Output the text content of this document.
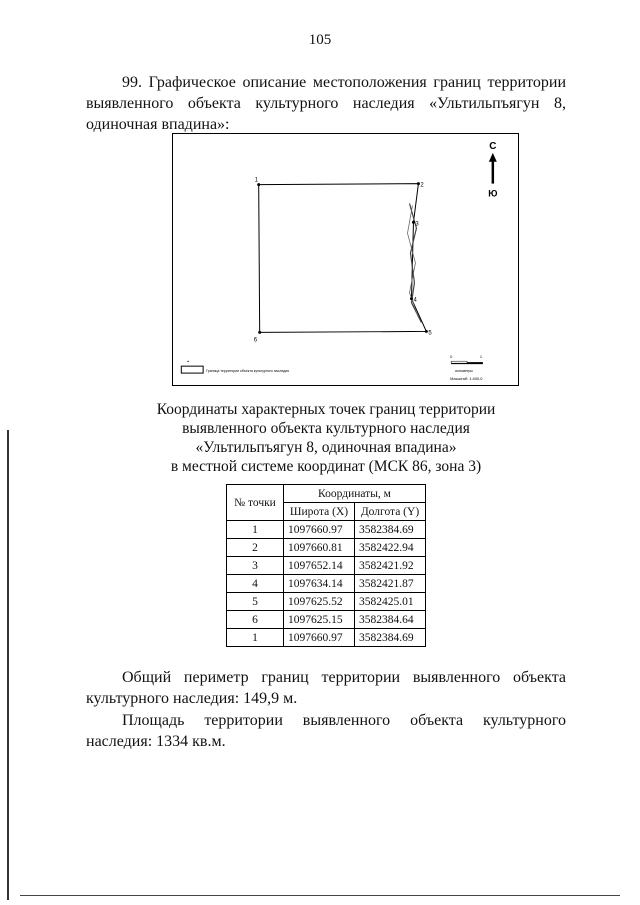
105
99. Графическое описание местоположения границ территории выявленного объекта культурного наследия «Ультильпъягун 8, одиночная впадина»:
1
2
3
4
5
6
С
Ю
•
Граница территории объекта культурного наследия
0	1
километры
Масштаб: 1:400,0
Координаты характерных точек границ территории
выявленного объекта культурного наследия
«Ультильпъягун 8, одиночная впадина»
в местной системе координат (МСК 86, зона 3)
№ точки	Координаты, м	
	Широта (X)	Долгота (Y)
1	1097660.97	3582384.69
2	1097660.81	3582422.94
3	1097652.14	3582421.92
4	1097634.14	3582421.87
5	1097625.52	3582425.01
6	1097625.15	3582384.64
1	1097660.97	3582384.69
Общий периметр границ территории выявленного объекта культурного наследия: 149,9 м.
Площадь территории выявленного объекта культурного наследия: 1334 кв.м.
